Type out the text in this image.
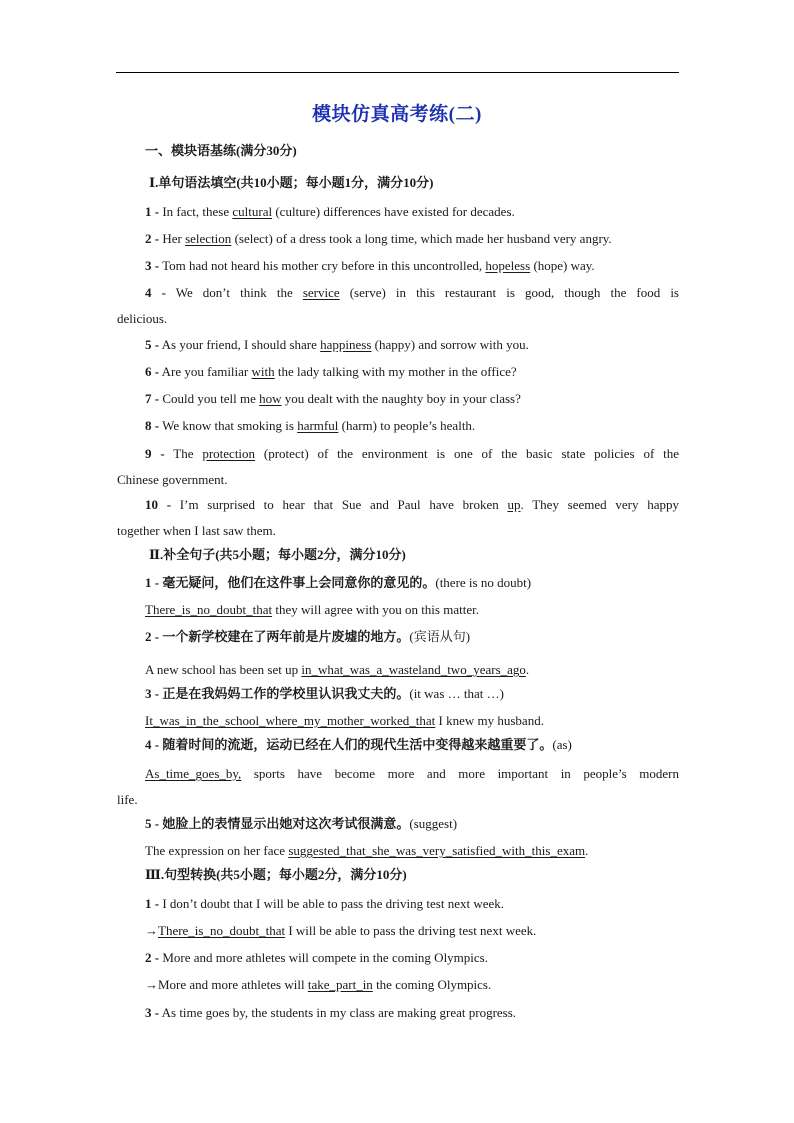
模块仿真高考练(二)
一、模块语基练(满分30分)
Ⅰ.单句语法填空(共10小题；每小题1分，满分10分)
1 - In fact, these cultural (culture) differences have existed for decades.
2 - Her selection (select) of a dress took a long time, which made her husband very angry.
3 - Tom had not heard his mother cry before in this uncontrolled, hopeless (hope) way.
4 - We don’t think the service (serve) in this restaurant is good, though the food is
delicious.
5 - As your friend, I should share happiness (happy) and sorrow with you.
6 - Are you familiar with the lady talking with my mother in the office?
7 - Could you tell me how you dealt with the naughty boy in your class?
8 - We know that smoking is harmful (harm) to people’s health.
9 - The protection (protect) of the environment is one of the basic state policies of the
Chinese government.
10 - I’m surprised to hear that Sue and Paul have broken up. They seemed very happy
together when I last saw them.
Ⅱ.补全句子(共5小题；每小题2分，满分10分)
1 - 毫无疑问，他们在这件事上会同意你的意见的。(there is no doubt)
There_is_no_doubt_that they will agree with you on this matter.
2 - 一个新学校建在了两年前是片废墟的地方。(宾语从句)
A new school has been set up in_what_was_a_wasteland_two_years_ago.
3 - 正是在我妈妈工作的学校里认识我丈夫的。(it was … that …)
It_was_in_the_school_where_my_mother_worked_that I knew my husband.
4 - 随着时间的流逝，运动已经在人们的现代生活中变得越来越重要了。(as)
As_time_goes_by, sports have become more and more important in people’s modern
life.
5 - 她脸上的表情显示出她对这次考试很满意。(suggest)
The expression on her face suggested_that_she_was_very_satisfied_with_this_exam.
Ⅲ.句型转换(共5小题；每小题2分，满分10分)
1 - I don’t doubt that I will be able to pass the driving test next week.
→There_is_no_doubt_that I will be able to pass the driving test next week.
2 - More and more athletes will compete in the coming Olympics.
→More and more athletes will take_part_in the coming Olympics.
3 - As time goes by, the students in my class are making great progress.
